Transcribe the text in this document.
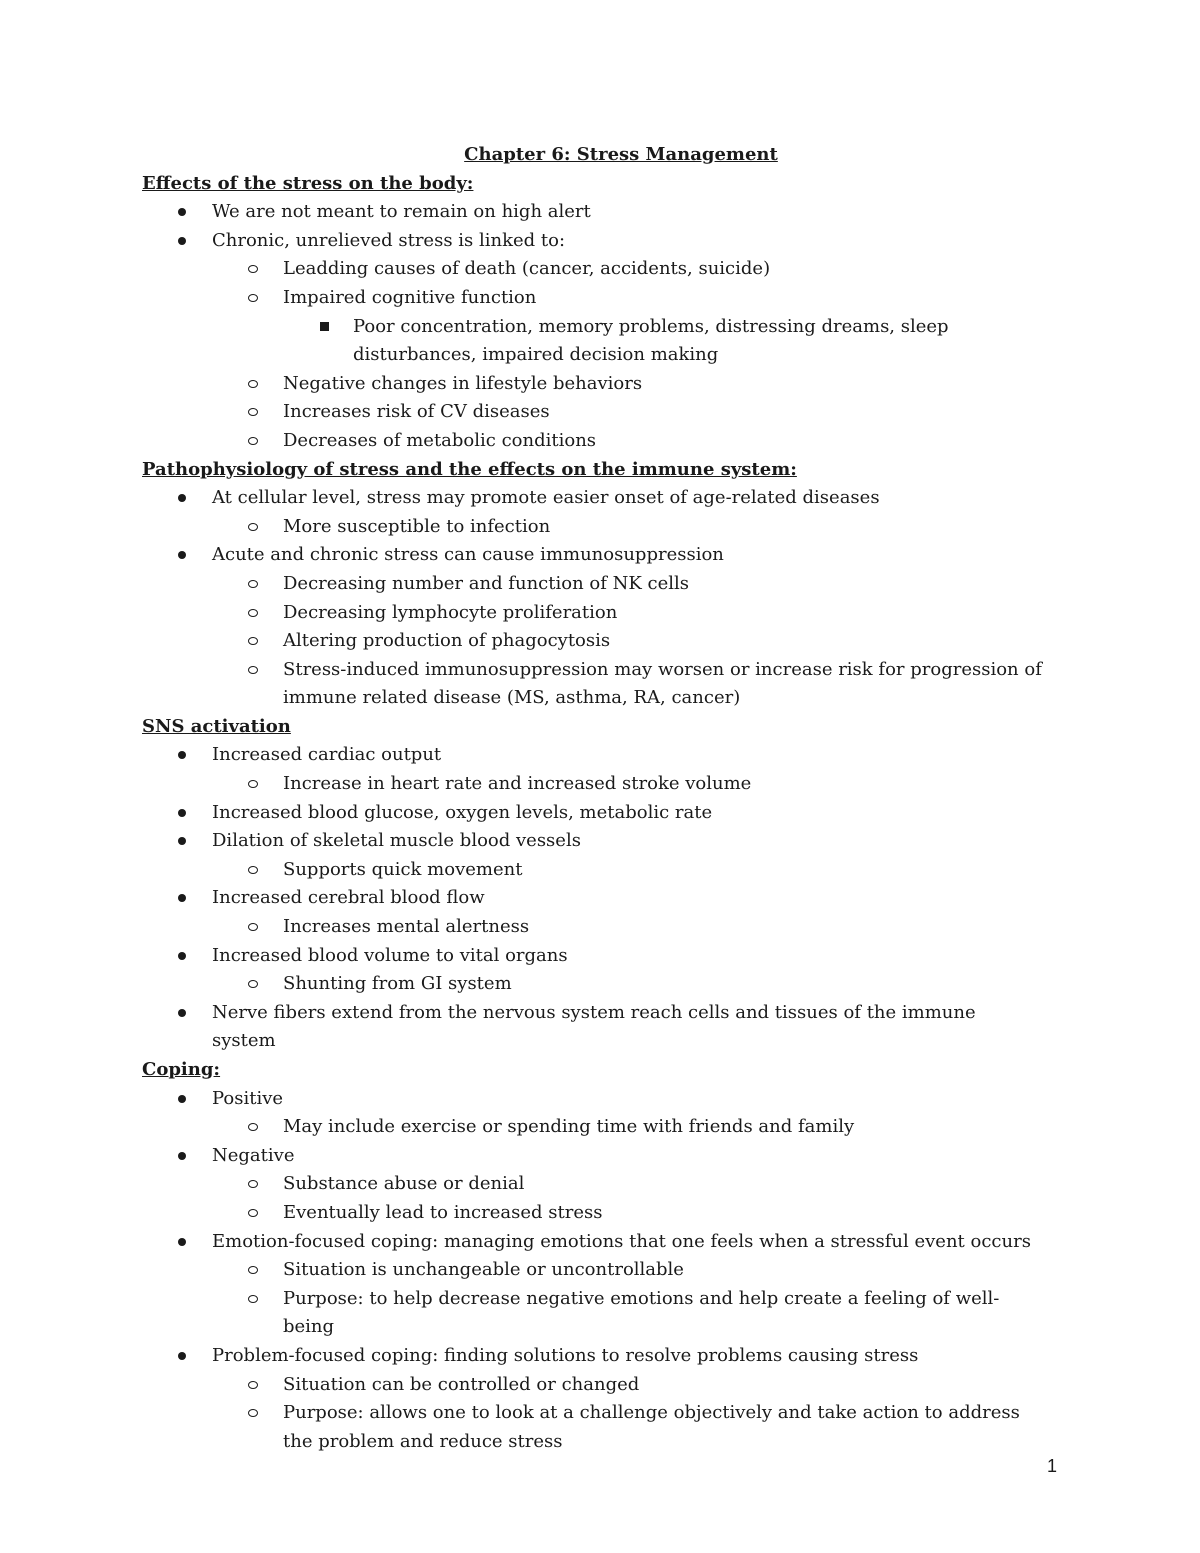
Chapter 6: Stress Management
Effects of the stress on the body:
We are not meant to remain on high alert
Chronic, unrelieved stress is linked to:
Leadding causes of death (cancer, accidents, suicide)
Impaired cognitive function
Poor concentration, memory problems, distressing dreams, sleep disturbances, impaired decision making
Negative changes in lifestyle behaviors
Increases risk of CV diseases
Decreases of metabolic conditions
Pathophysiology of stress and the effects on the immune system:
At cellular level, stress may promote easier onset of age-related diseases
More susceptible to infection
Acute and chronic stress can cause immunosuppression
Decreasing number and function of NK cells
Decreasing lymphocyte proliferation
Altering production of phagocytosis
Stress-induced immunosuppression may worsen or increase risk for progression of immune related disease (MS, asthma, RA, cancer)
SNS activation
Increased cardiac output
Increase in heart rate and increased stroke volume
Increased blood glucose, oxygen levels, metabolic rate
Dilation of skeletal muscle blood vessels
Supports quick movement
Increased cerebral blood flow
Increases mental alertness
Increased blood volume to vital organs
Shunting from GI system
Nerve fibers extend from the nervous system reach cells and tissues of the immune system
Coping:
Positive
May include exercise or spending time with friends and family
Negative
Substance abuse or denial
Eventually lead to increased stress
Emotion-focused coping: managing emotions that one feels when a stressful event occurs
Situation is unchangeable or uncontrollable
Purpose: to help decrease negative emotions and help create a feeling of well-being
Problem-focused coping: finding solutions to resolve problems causing stress
Situation can be controlled or changed
Purpose: allows one to look at a challenge objectively and take action to address the problem and reduce stress
1
